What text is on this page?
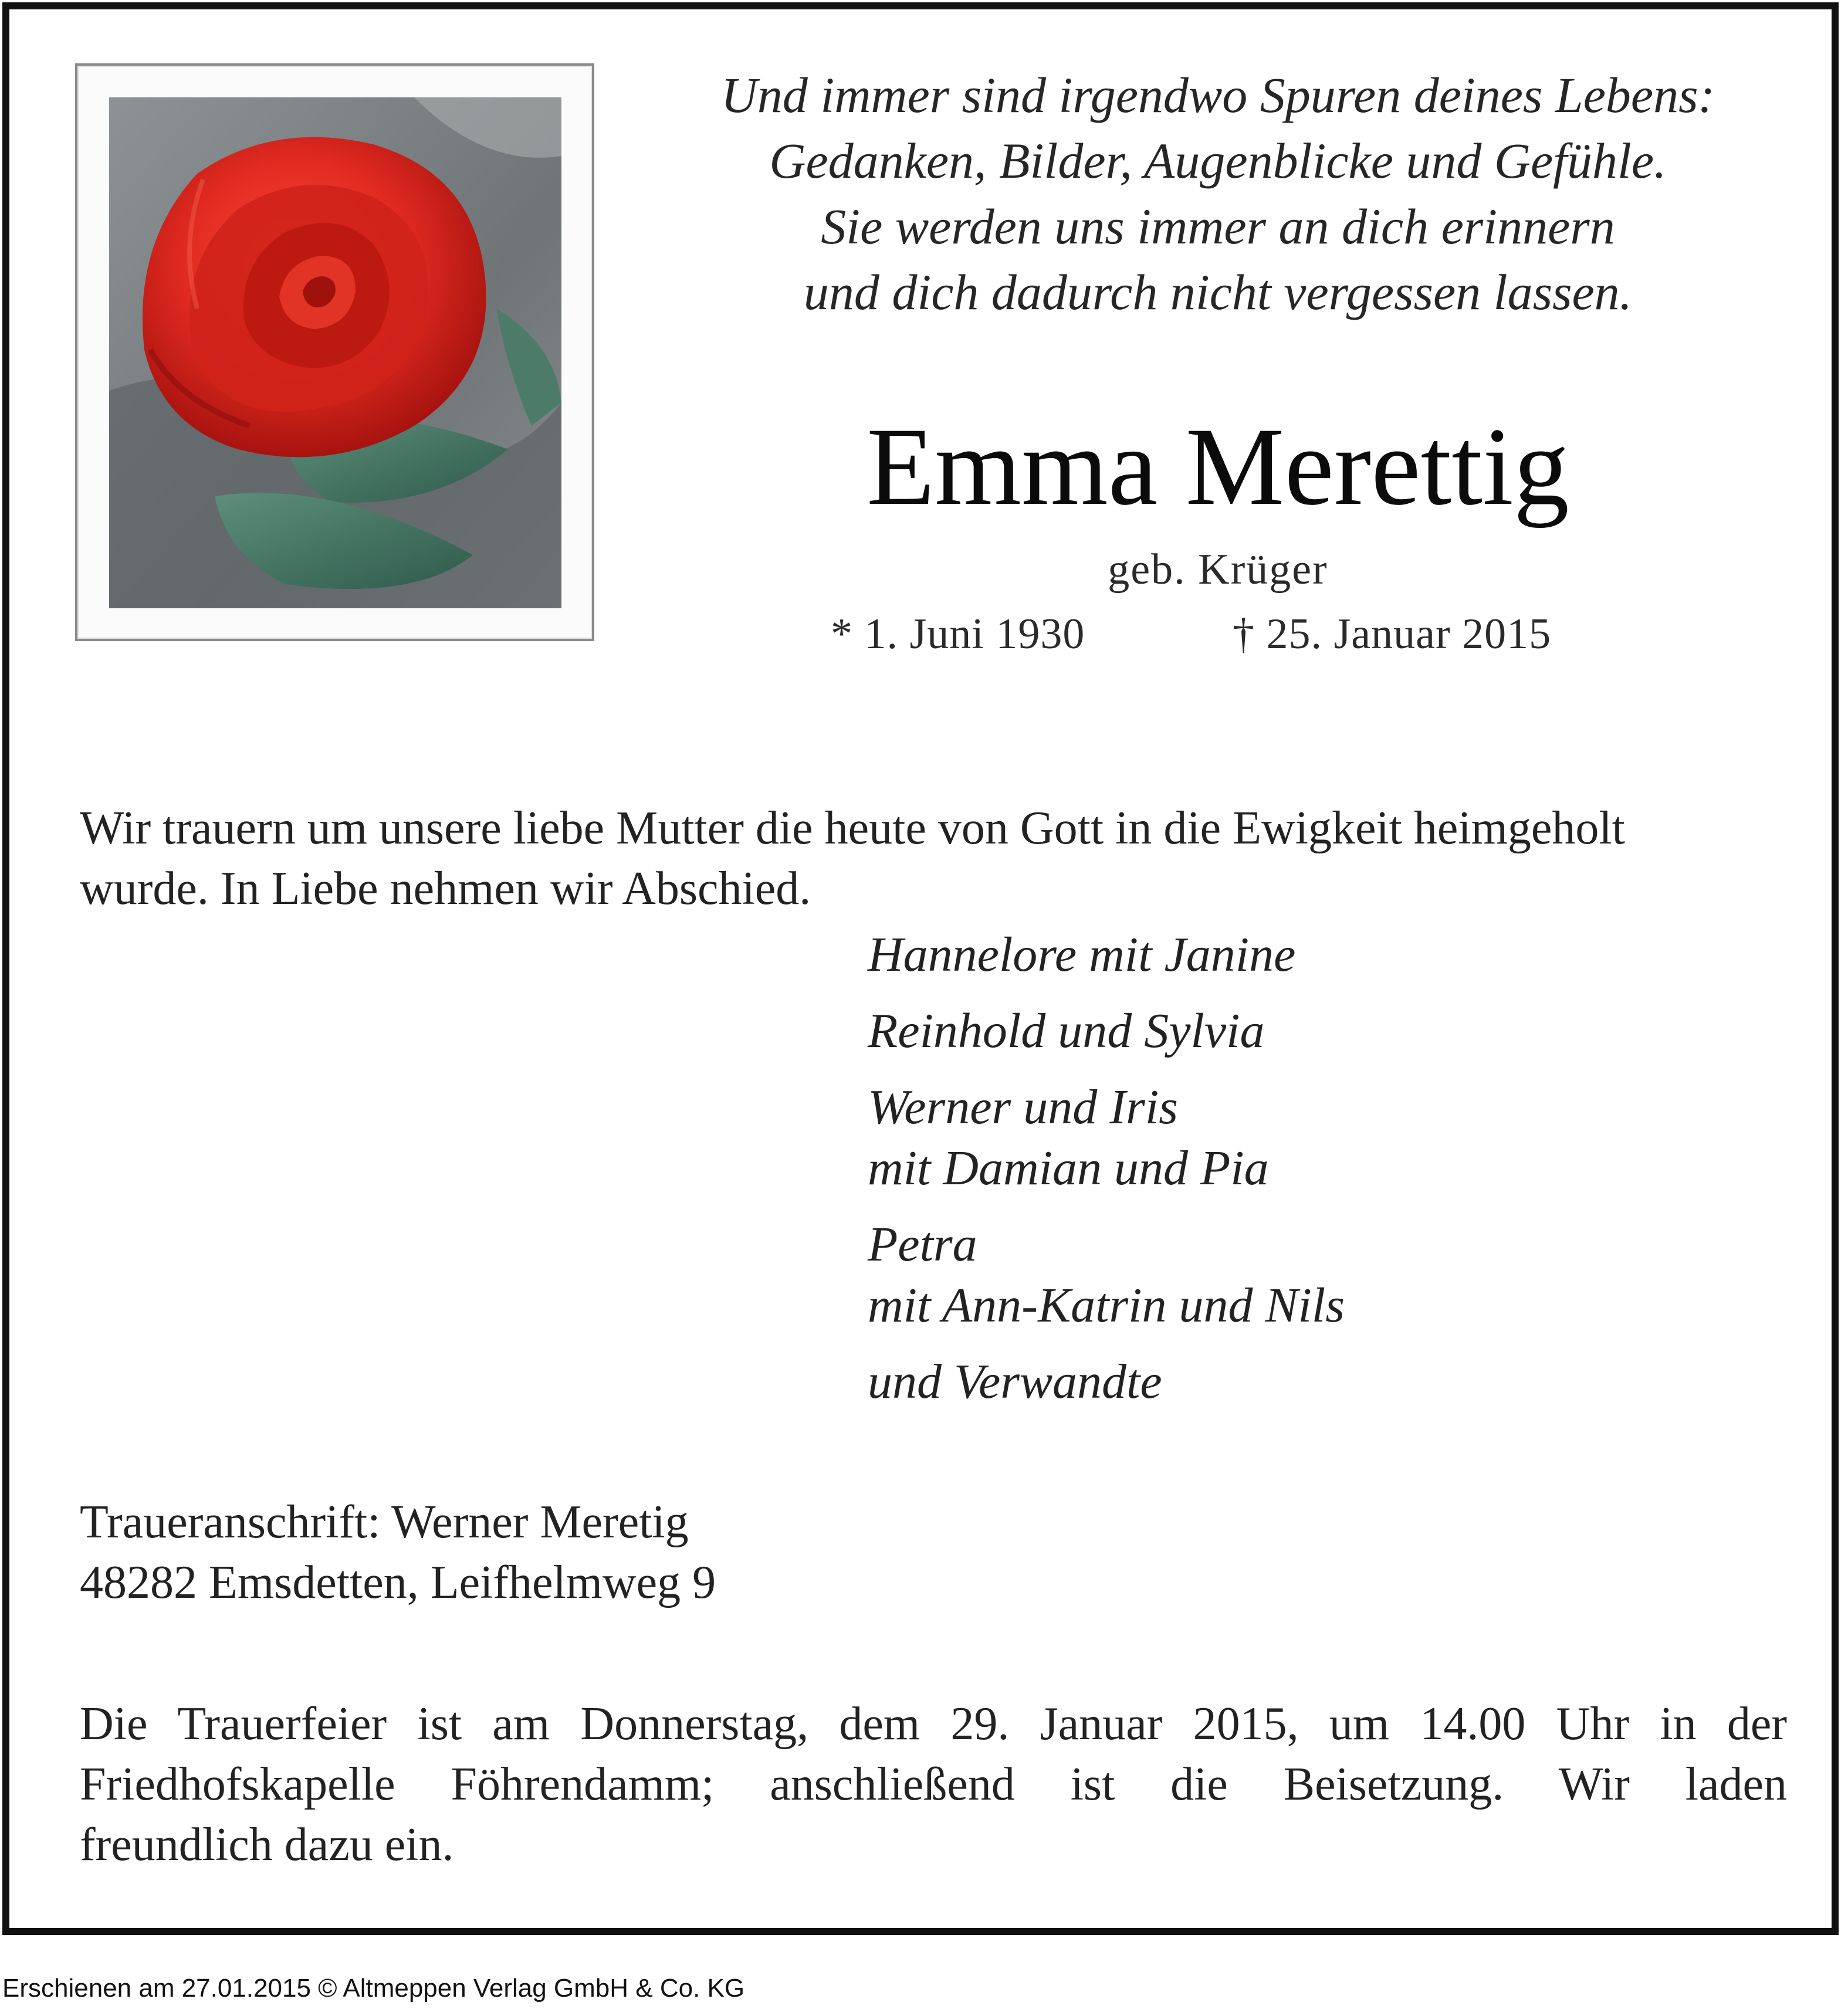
Und immer sind irgendwo Spuren deines Lebens:
Gedanken, Bilder, Augenblicke und Gefühle.
Sie werden uns immer an dich erinnern
und dich dadurch nicht vergessen lassen.
Emma Merettig
geb. Krüger
* 1. Juni 1930	† 25. Januar 2015
Wir trauern um unsere liebe Mutter die heute von Gott in die Ewigkeit heimgeholt
wurde. In Liebe nehmen wir Abschied.
Hannelore mit Janine
Reinhold und Sylvia
Werner und Iris
mit Damian und Pia
Petra
mit Ann-Katrin und Nils
und Verwandte
Traueranschrift: Werner Meretig
48282 Emsdetten, Leifhelmweg 9
Die Trauerfeier ist am Donnerstag, dem 29. Januar 2015, um 14.00 Uhr in der
Friedhofskapelle Föhrendamm; anschließend ist die Beisetzung. Wir laden
freundlich dazu ein.
Erschienen am 27.01.2015 © Altmeppen Verlag GmbH & Co. KG
